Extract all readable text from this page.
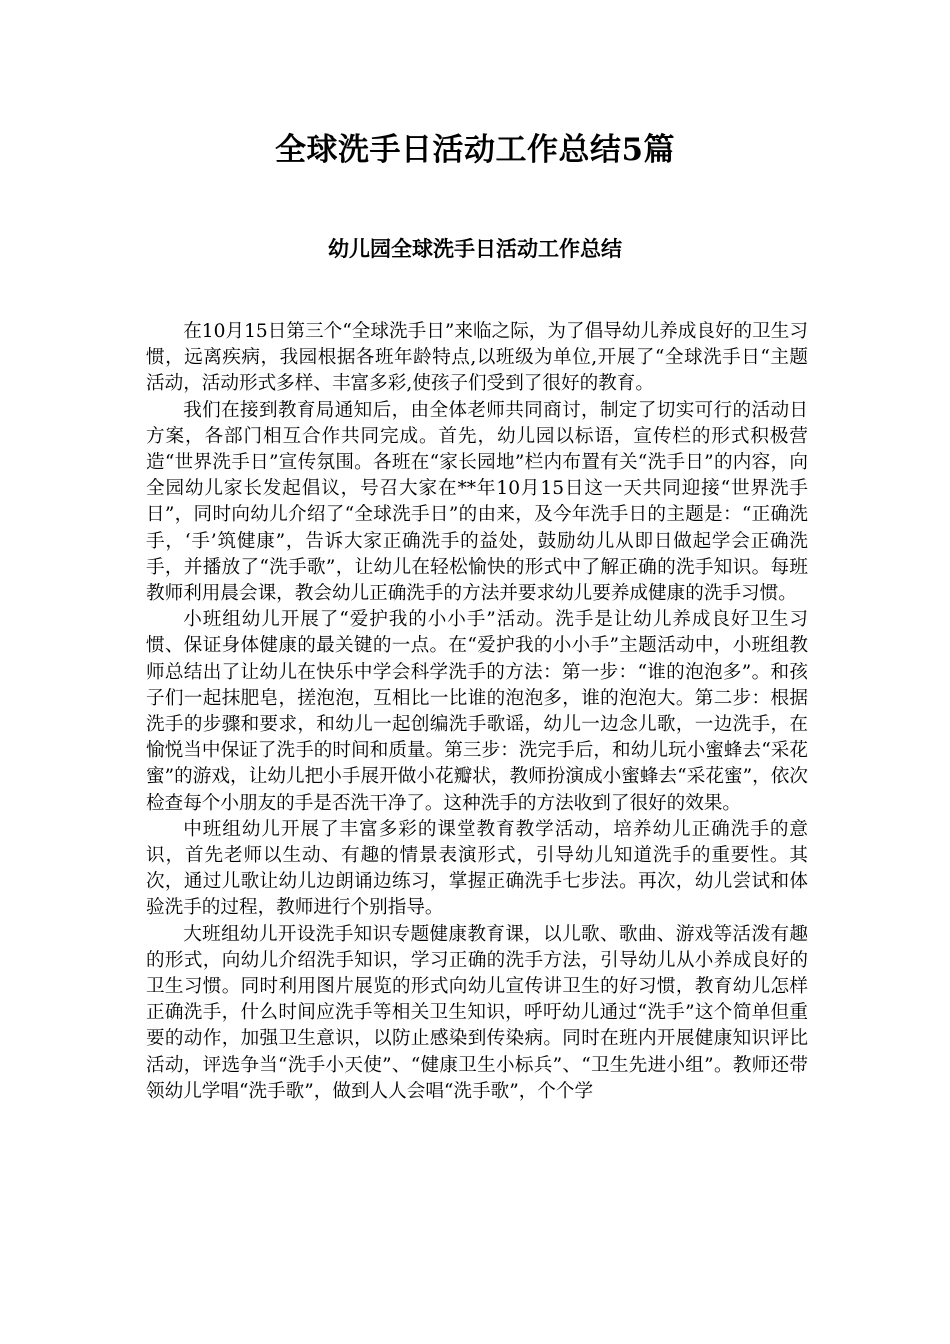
全球洗手日活动工作总结5篇
幼儿园全球洗手日活动工作总结

在10月15日第三个“全球洗手日”来临之际，为了倡导幼儿养成良好的卫生习惯，远离疾病，我园根据各班年龄特点,以班级为单位,开展了“全球洗手日“主题活动，活动形式多样、丰富多彩,使孩子们受到了很好的教育。

我们在接到教育局通知后，由全体老师共同商讨，制定了切实可行的活动日方案，各部门相互合作共同完成。首先，幼儿园以标语，宣传栏的形式积极营造“世界洗手日”宣传氛围。各班在“家长园地”栏内布置有关“洗手日”的内容，向全园幼儿家长发起倡议，号召大家在**年10月15日这一天共同迎接“世界洗手日”，同时向幼儿介绍了“全球洗手日”的由来，及今年洗手日的主题是：“正确洗手，‘手’筑健康”，告诉大家正确洗手的益处，鼓励幼儿从即日做起学会正确洗手，并播放了“洗手歌”，让幼儿在轻松愉快的形式中了解正确的洗手知识。每班教师利用晨会课，教会幼儿正确洗手的方法并要求幼儿要养成健康的洗手习惯。

小班组幼儿开展了“爱护我的小小手”活动。洗手是让幼儿养成良好卫生习惯、保证身体健康的最关键的一点。在“爱护我的小小手”主题活动中，小班组教师总结出了让幼儿在快乐中学会科学洗手的方法：第一步：“谁的泡泡多”。和孩子们一起抹肥皂，搓泡泡，互相比一比谁的泡泡多，谁的泡泡大。第二步：根据洗手的步骤和要求，和幼儿一起创编洗手歌谣，幼儿一边念儿歌，一边洗手，在愉悦当中保证了洗手的时间和质量。第三步：洗完手后，和幼儿玩小蜜蜂去“采花蜜”的游戏，让幼儿把小手展开做小花瓣状，教师扮演成小蜜蜂去“采花蜜”，依次检查每个小朋友的手是否洗干净了。这种洗手的方法收到了很好的效果。

中班组幼儿开展了丰富多彩的课堂教育教学活动，培养幼儿正确洗手的意识，首先老师以生动、有趣的情景表演形式，引导幼儿知道洗手的重要性。其次，通过儿歌让幼儿边朗诵边练习，掌握正确洗手七步法。再次，幼儿尝试和体验洗手的过程，教师进行个别指导。

大班组幼儿开设洗手知识专题健康教育课，以儿歌、歌曲、游戏等活泼有趣的形式，向幼儿介绍洗手知识，学习正确的洗手方法，引导幼儿从小养成良好的卫生习惯。同时利用图片展览的形式向幼儿宣传讲卫生的好习惯，教育幼儿怎样正确洗手，什么时间应洗手等相关卫生知识，呼吁幼儿通过“洗手”这个简单但重要的动作，加强卫生意识，以防止感染到传染病。同时在班内开展健康知识评比活动，评选争当“洗手小天使”、“健康卫生小标兵”、“卫生先进小组”。教师还带领幼儿学唱“洗手歌”，做到人人会唱“洗手歌”，个个学
